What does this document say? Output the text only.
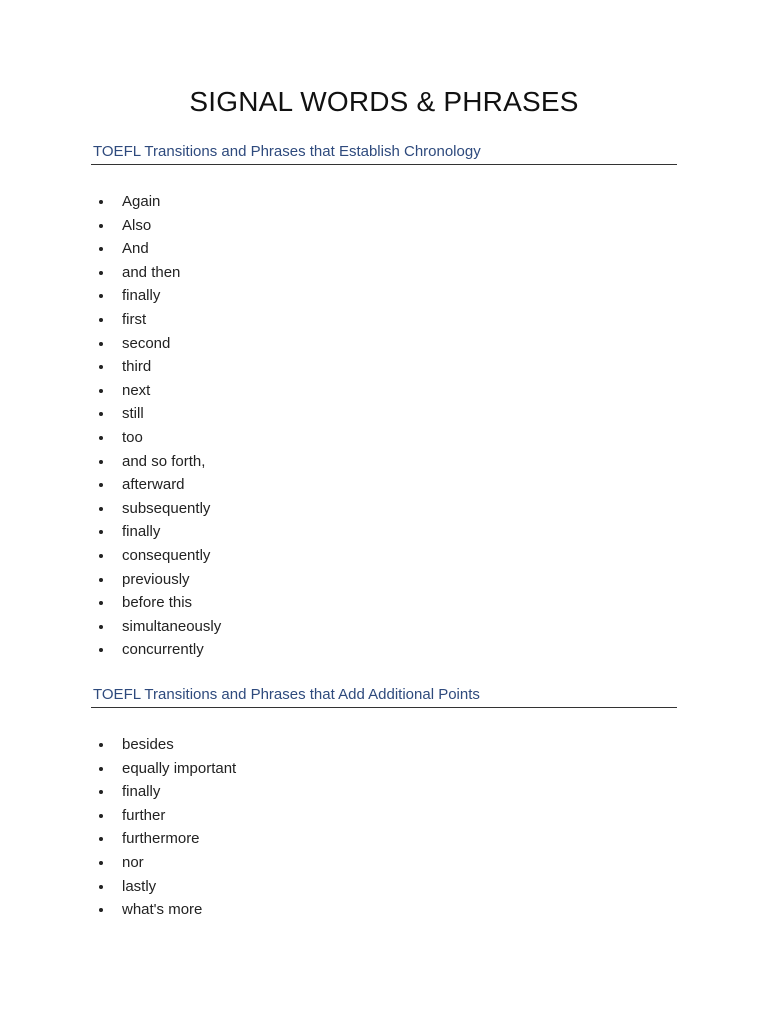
SIGNAL WORDS & PHRASES
TOEFL Transitions and Phrases that Establish Chronology
Again
Also
And
and then
finally
first
second
third
next
still
too
and so forth,
afterward
subsequently
finally
consequently
previously
before this
simultaneously
concurrently
TOEFL Transitions and Phrases that Add Additional Points
besides
equally important
finally
further
furthermore
nor
lastly
what's more
